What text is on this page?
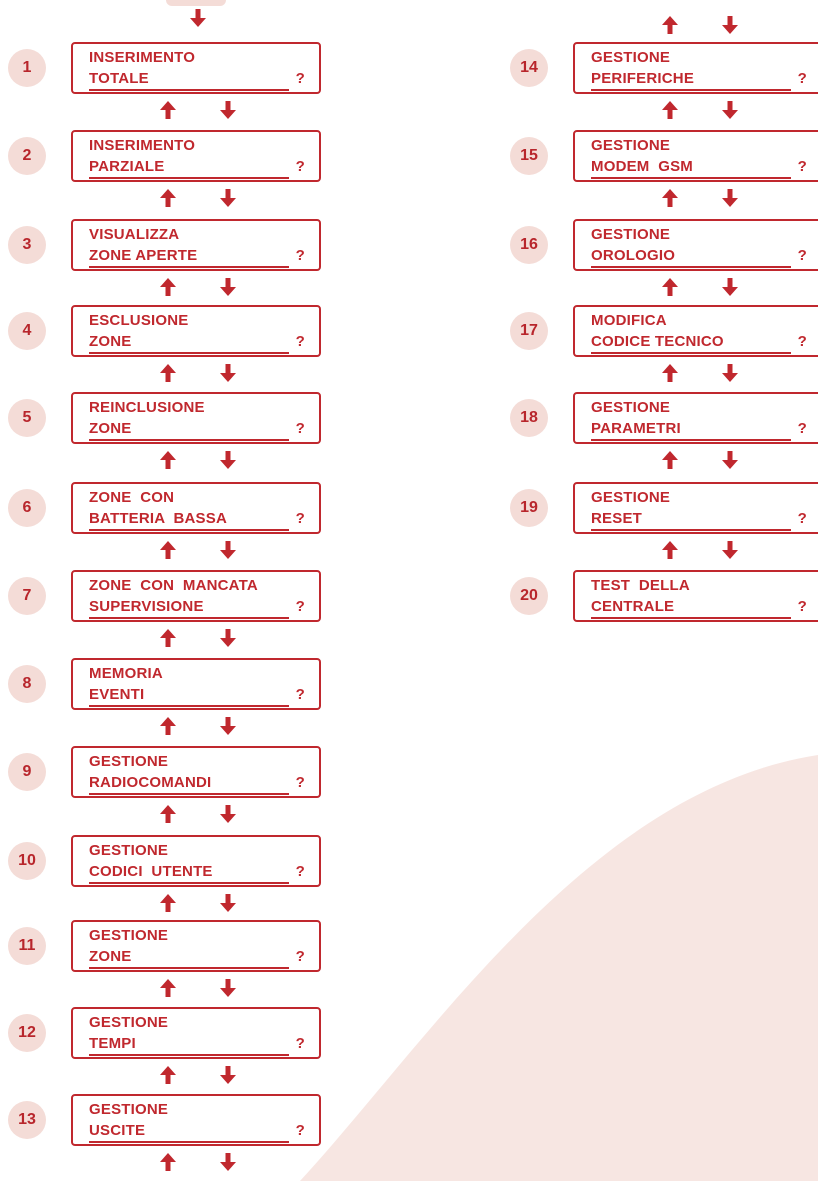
1
INSERIMENTO
TOTALE	?
2
INSERIMENTO
PARZIALE	?
3
VISUALIZZA
ZONE APERTE	?
4
ESCLUSIONE
ZONE	?
5
REINCLUSIONE
ZONE	?
6
ZONE  CON
BATTERIA  BASSA	?
7
ZONE  CON  MANCATA
SUPERVISIONE	?
8
MEMORIA
EVENTI	?
9
GESTIONE
RADIOCOMANDI	?
10
GESTIONE
CODICI  UTENTE	?
11
GESTIONE
ZONE	?
12
GESTIONE
TEMPI	?
13
GESTIONE
USCITE	?
14
GESTIONE
PERIFERICHE	?
15
GESTIONE
MODEM  GSM	?
16
GESTIONE
OROLOGIO	?
17
MODIFICA
CODICE TECNICO	?
18
GESTIONE
PARAMETRI	?
19
GESTIONE
RESET	?
20
TEST  DELLA
CENTRALE	?
